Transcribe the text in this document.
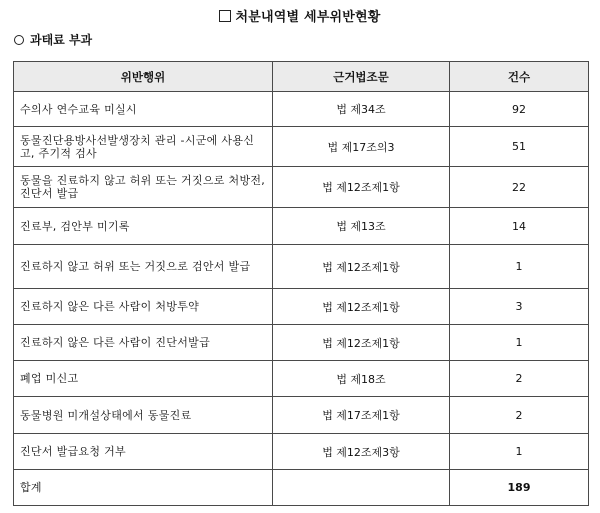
처분내역별 세부위반현황
과태료 부과
위반행위	근거법조문	건수
수의사 연수교육 미실시	법 제34조	92
동물진단용방사선발생장치 관리 -시군에 사용신고, 주기적 검사	법 제17조의3	51
동물을 진료하지 않고 허위 또는 거짓으로 처방전, 진단서 발급	법 제12조제1항	22
진료부, 검안부 미기록	법 제13조	14
진료하지 않고 허위 또는 거짓으로 검안서 발급	법 제12조제1항	1
진료하지 않은 다른 사람이 처방투약	법 제12조제1항	3
진료하지 않은 다른 사람이 진단서발급	법 제12조제1항	1
폐업 미신고	법 제18조	2
동물병원 미개설상태에서 동물진료	법 제17조제1항	2
진단서 발급요청 거부	법 제12조제3항	1
합계		189
